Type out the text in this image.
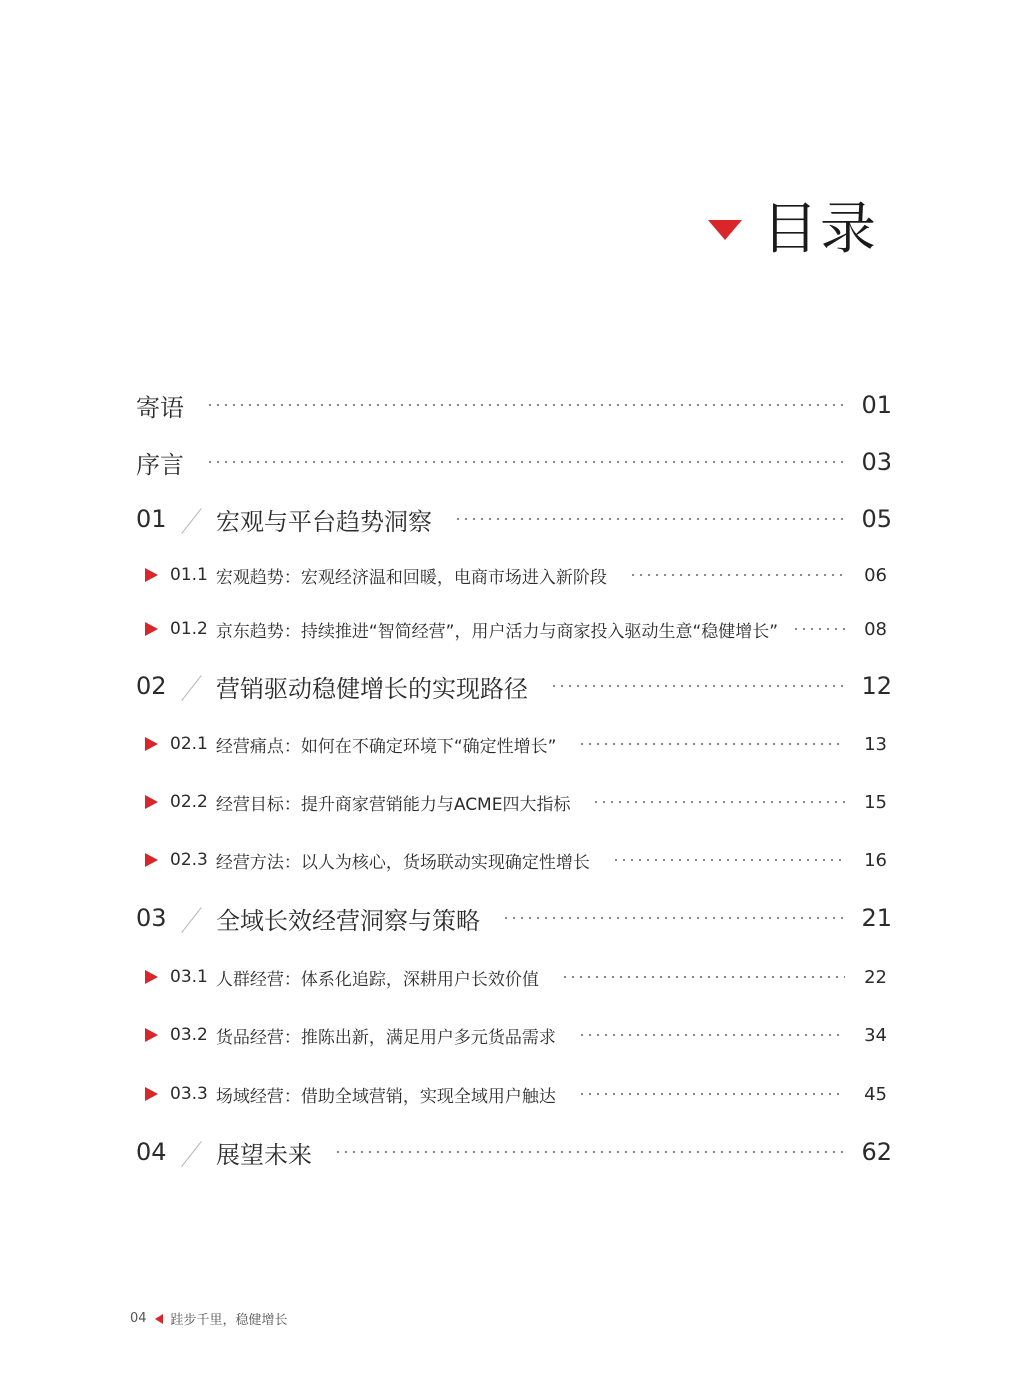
目录
寄语	01
序言	03
01	宏观与平台趋势洞察	05
01.1 宏观趋势：宏观经济温和回暖，电商市场进入新阶段	06
01.2 京东趋势：持续推进“智简经营”，用户活力与商家投入驱动生意“稳健增长”	08
02	营销驱动稳健增长的实现路径	12
02.1 经营痛点：如何在不确定环境下“确定性增长”	13
02.2 经营目标：提升商家营销能力与ACME四大指标	15
02.3 经营方法：以人为核心，货场联动实现确定性增长	16
03	全域长效经营洞察与策略	21
03.1 人群经营：体系化追踪，深耕用户长效价值	22
03.2 货品经营：推陈出新，满足用户多元货品需求	34
03.3 场域经营：借助全域营销，实现全域用户触达	45
04	展望未来	62
04 跬步千里，稳健增长
